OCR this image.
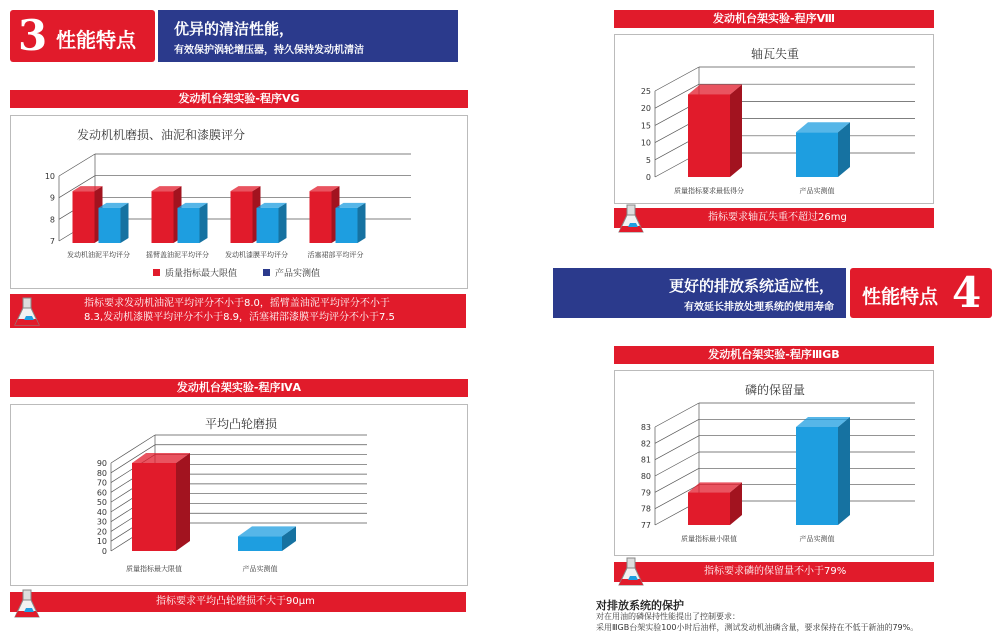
3 性能特点	优异的清洁性能，
有效保护涡轮增压器，持久保持发动机清洁
发动机台架实验-程序VG
发动机机磨损、油泥和漆膜评分
7
8
9
10
发动机油泥平均评分 摇臂盖油泥平均评分 发动机漆膜平均评分	活塞裙部平均评分
质量指标最大限值	产品实测值
指标要求发动机油泥平均评分不小于8.0，摇臂盖油泥平均评分不小于
8.3,发动机漆膜平均评分不小于8.9，活塞裙部漆膜平均评分不小于7.5
发动机台架实验-程序ⅣA
平均凸轮磨损
0
10
20
30
40
50
60
70
80
90
质量指标最大限值	产品实测值
指标要求平均凸轮磨损不大于90μm
发动机台架实验-程序Ⅷ
轴瓦失重
0
5
10
15
20
25
质量指标要求最低得分	产品实测值
指标要求轴瓦失重不超过26mg
更好的排放系统适应性，
有效延长排放处理系统的使用寿命 性能特点 4
发动机台架实验-程序ⅢGB
磷的保留量
77
78
79
80
81
82
83
质量指标最小限值	产品实测值
指标要求磷的保留量不小于79%
对排放系统的保护
对在用油的磷保持性能提出了控制要求：
采用ⅢGB台架实验100小时后油样，测试发动机油磷含量，要求保持在不低于新油的79%。
